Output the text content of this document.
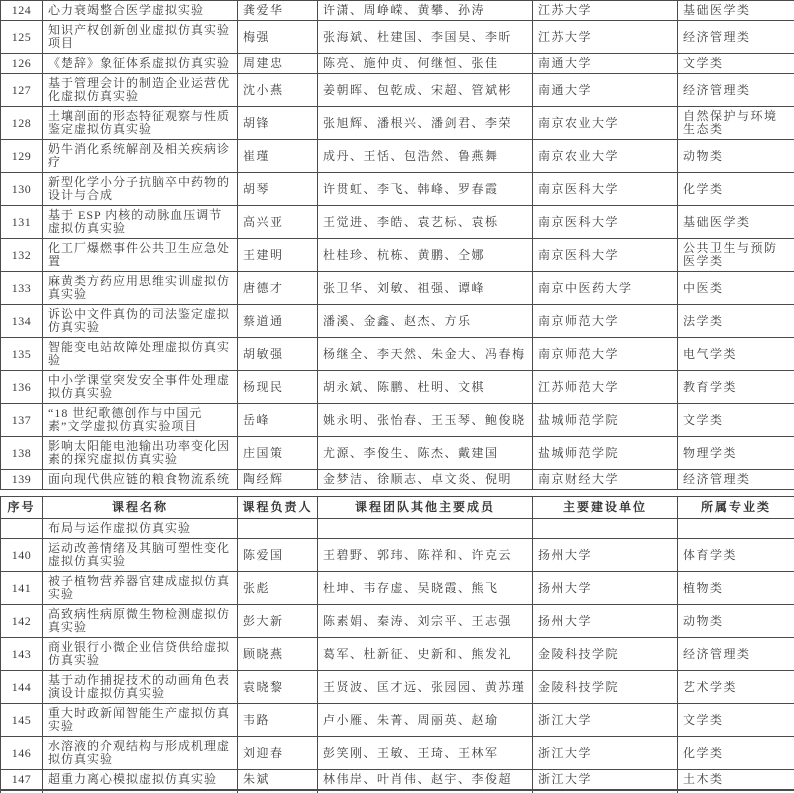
124	心力衰竭整合医学虚拟实验	龚爱华	许潇、周峥嵘、黄攀、孙涛	江苏大学	基础医学类
125	知识产权创新创业虚拟仿真实验项目	梅强	张海斌、杜建国、李国昊、李昕	江苏大学	经济管理类
126	《楚辞》象征体系虚拟仿真实验	周建忠	陈亮、施仲贞、何继恒、张佳	南通大学	文学类
127	基于管理会计的制造企业运营优化虚拟仿真实验	沈小燕	姜朝晖、包乾成、宋超、管斌彬	南通大学	经济管理类
128	土壤剖面的形态特征观察与性质鉴定虚拟仿真实验	胡锋	张旭辉、潘根兴、潘剑君、李荣	南京农业大学	自然保护与环境生态类
129	奶牛消化系统解剖及相关疾病诊疗	崔瑾	成丹、王恬、包浩然、鲁燕舞	南京农业大学	动物类
130	新型化学小分子抗脑卒中药物的设计与合成	胡琴	许贯虹、李飞、韩峰、罗春霞	南京医科大学	化学类
131	基于 ESP 内核的动脉血压调节虚拟仿真实验	高兴亚	王觉进、李皓、袁艺标、袁栎	南京医科大学	基础医学类
132	化工厂爆燃事件公共卫生应急处置	王建明	杜桂珍、杭栋、黄鹏、仝娜	南京医科大学	公共卫生与预防医学类
133	麻黄类方药应用思维实训虚拟仿真实验	唐德才	张卫华、刘敏、祖强、谭峰	南京中医药大学	中医类
134	诉讼中文件真伪的司法鉴定虚拟仿真实验	蔡道通	潘溪、金鑫、赵杰、方乐	南京师范大学	法学类
135	智能变电站故障处理虚拟仿真实验	胡敏强	杨继全、李天然、朱金大、冯春梅	南京师范大学	电气学类
136	中小学课堂突发安全事件处理虚拟仿真实验	杨现民	胡永斌、陈鹏、杜明、文棋	江苏师范大学	教育学类
137	“18 世纪歌德创作与中国元素”文学虚拟仿真实验项目	岳峰	姚永明、张怡春、王玉琴、鲍俊晓	盐城师范学院	文学类
138	影响太阳能电池输出功率变化因素的探究虚拟仿真实验	庄国策	尤源、李俊生、陈杰、戴建国	盐城师范学院	物理学类
139	面向现代供应链的粮食物流系统	陶经辉	金梦洁、徐顺志、卓文炎、倪明	南京财经大学	经济管理类
序号	课程名称	课程负责人	课程团队其他主要成员	主要建设单位	所属专业类
	布局与运作虚拟仿真实验				
140	运动改善情绪及其脑可塑性变化虚拟仿真实验	陈爱国	王碧野、郭玮、陈祥和、许克云	扬州大学	体育学类
141	被子植物营养器官建成虚拟仿真实验	张彪	杜坤、韦存虚、吴晓霞、熊飞	扬州大学	植物类
142	高致病性病原微生物检测虚拟仿真实验	彭大新	陈素娟、秦涛、刘宗平、王志强	扬州大学	动物类
143	商业银行小微企业信贷供给虚拟仿真实验	顾晓燕	葛军、杜新征、史新和、熊发礼	金陵科技学院	经济管理类
144	基于动作捕捉技术的动画角色表演设计虚拟仿真实验	袁晓黎	王贤波、匡才远、张园园、黄苏瑾	金陵科技学院	艺术学类
145	重大时政新闻智能生产虚拟仿真实验	韦路	卢小雁、朱菁、周丽英、赵瑜	浙江大学	文学类
146	水溶液的介观结构与形成机理虚拟仿真实验	刘迎春	彭笑刚、王敏、王琦、王林军	浙江大学	化学类
147	超重力离心模拟虚拟仿真实验	朱斌	林伟岸、叶肖伟、赵宇、李俊超	浙江大学	土木类
